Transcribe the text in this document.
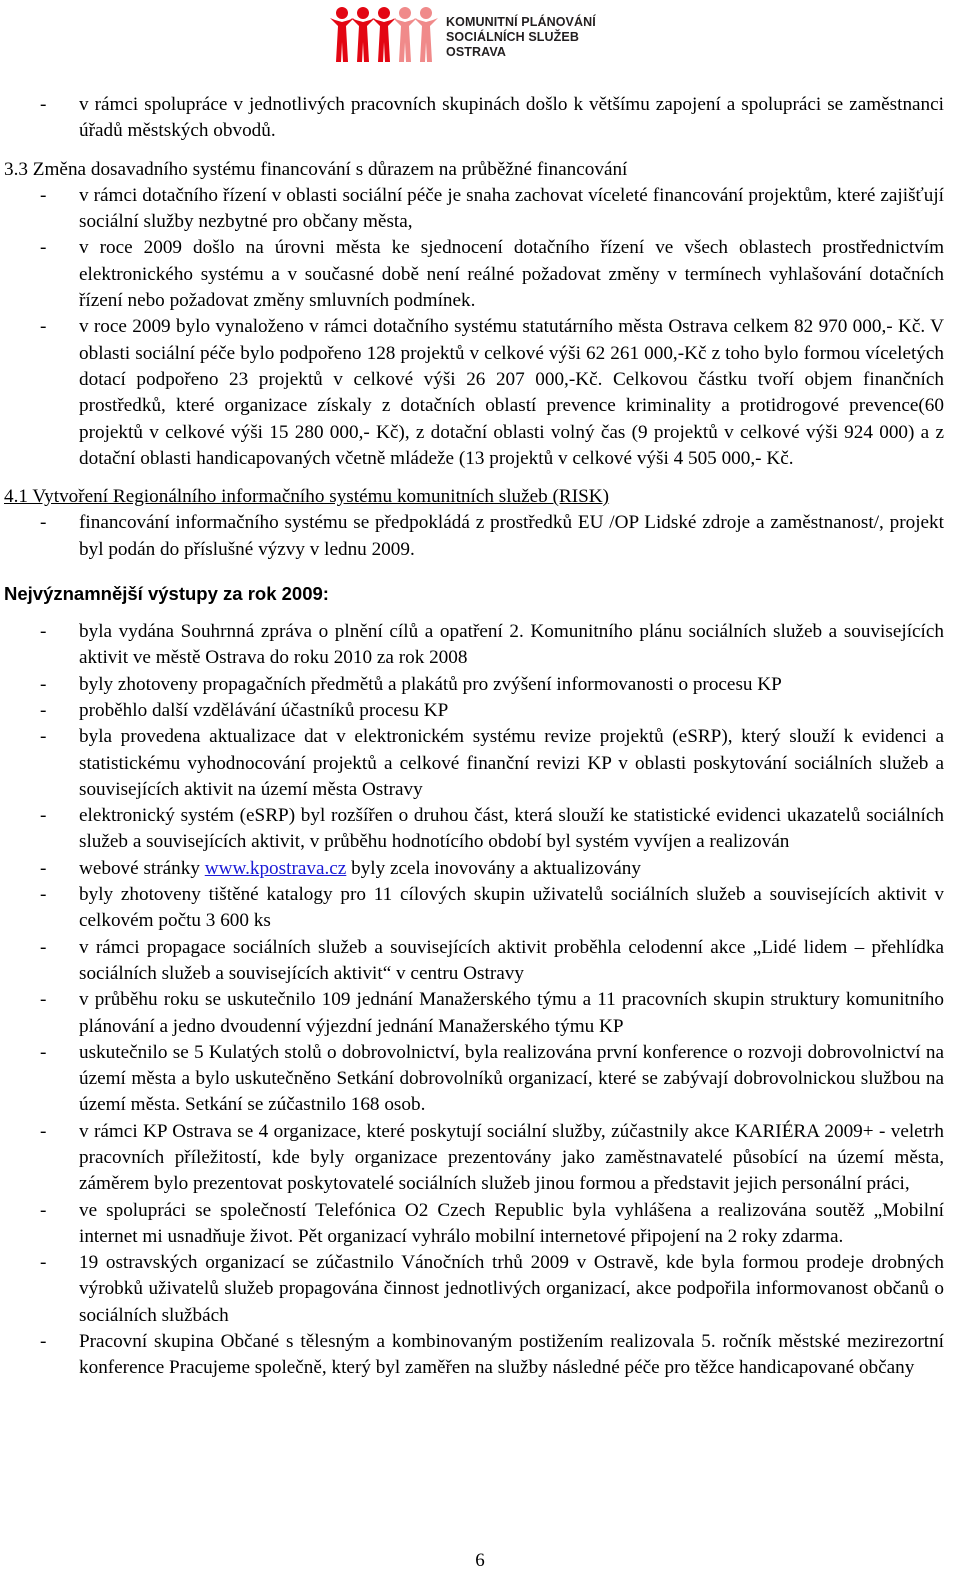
KOMUNITNÍ PLÁNOVÁNÍ
SOCIÁLNÍCH SLUŽEB
OSTRAVA

- v rámci spolupráce v jednotlivých pracovních skupinách došlo k většímu zapojení a spolupráci se zaměstnanci úřadů městských obvodů.

3.3 Změna dosavadního systému financování s důrazem na průběžné financování

- v rámci dotačního řízení v oblasti sociální péče je snaha zachovat víceleté financování projektům, které zajišťují sociální služby nezbytné pro občany města,

- v roce 2009 došlo na úrovni města ke sjednocení dotačního řízení ve všech oblastech prostřednictvím elektronického systému a v současné době není reálné požadovat změny v termínech vyhlašování dotačních řízení nebo požadovat změny smluvních podmínek.

- v roce 2009 bylo vynaloženo v rámci dotačního systému statutárního města Ostrava celkem 82 970 000,- Kč. V oblasti sociální péče bylo podpořeno 128 projektů v celkové výši 62 261 000,-Kč z toho bylo formou víceletých dotací podpořeno 23 projektů v celkové výši 26 207 000,-Kč. Celkovou částku tvoří objem finančních prostředků, které organizace získaly z dotačních oblastí prevence kriminality a protidrogové prevence(60 projektů v celkové výši 15 280 000,- Kč), z dotační oblasti volný čas (9 projektů v celkové výši 924 000) a z dotační oblasti handicapovaných včetně mládeže (13 projektů v celkové výši 4 505 000,- Kč.

4.1 Vytvoření Regionálního informačního systému komunitních služeb (RISK)

- financování informačního systému se předpokládá z prostředků EU /OP Lidské zdroje a zaměstnanost/, projekt byl podán do příslušné výzvy v lednu 2009.

Nejvýznamnější výstupy za rok 2009:

- byla vydána Souhrnná zpráva o plnění cílů a opatření 2. Komunitního plánu sociálních služeb a souvisejících aktivit ve městě Ostrava do roku 2010 za rok 2008

- byly zhotoveny propagačních předmětů a plakátů pro zvýšení informovanosti o procesu KP

- proběhlo další vzdělávání účastníků procesu KP

- byla provedena aktualizace dat v elektronickém systému revize projektů (eSRP), který slouží k evidenci a statistickému vyhodnocování projektů a celkové finanční revizi KP v oblasti poskytování sociálních služeb a souvisejících aktivit na území města Ostravy

- elektronický systém (eSRP) byl rozšířen o druhou část, která slouží ke statistické evidenci ukazatelů sociálních služeb a souvisejících aktivit, v průběhu hodnotícího období byl systém vyvíjen a realizován

- webové stránky www.kpostrava.cz byly zcela inovovány a aktualizovány

- byly zhotoveny tištěné katalogy pro 11 cílových skupin uživatelů sociálních služeb a souvisejících aktivit v celkovém počtu 3 600 ks

- v rámci propagace sociálních služeb a souvisejících aktivit proběhla celodenní akce „Lidé lidem – přehlídka sociálních služeb a souvisejících aktivit“ v centru Ostravy

- v průběhu roku se uskutečnilo 109 jednání Manažerského týmu a 11 pracovních skupin struktury komunitního plánování a jedno dvoudenní výjezdní jednání Manažerského týmu KP

- uskutečnilo se 5 Kulatých stolů o dobrovolnictví, byla realizována první konference o rozvoji dobrovolnictví na území města a bylo uskutečněno Setkání dobrovolníků organizací, které se zabývají dobrovolnickou službou na území města. Setkání se zúčastnilo 168 osob.

- v rámci KP Ostrava se 4 organizace, které poskytují sociální služby, zúčastnily akce KARIÉRA 2009+ - veletrh pracovních příležitostí, kde byly organizace prezentovány jako zaměstnavatelé působící na území města, záměrem bylo prezentovat poskytovatelé sociálních služeb jinou formou a představit jejich personální práci,

- ve spolupráci se společností Telefónica O2 Czech Republic byla vyhlášena a realizována soutěž „Mobilní internet mi usnadňuje život. Pět organizací vyhrálo mobilní internetové připojení na 2 roky zdarma.

- 19 ostravských organizací se zúčastnilo Vánočních trhů 2009 v Ostravě, kde byla formou prodeje drobných výrobků uživatelů služeb propagována činnost jednotlivých organizací, akce podpořila informovanost občanů o sociálních službách

- Pracovní skupina Občané s tělesným a kombinovaným postižením realizovala 5. ročník městské mezirezortní konference Pracujeme společně, který byl zaměřen na služby následné péče pro těžce handicapované občany

6
